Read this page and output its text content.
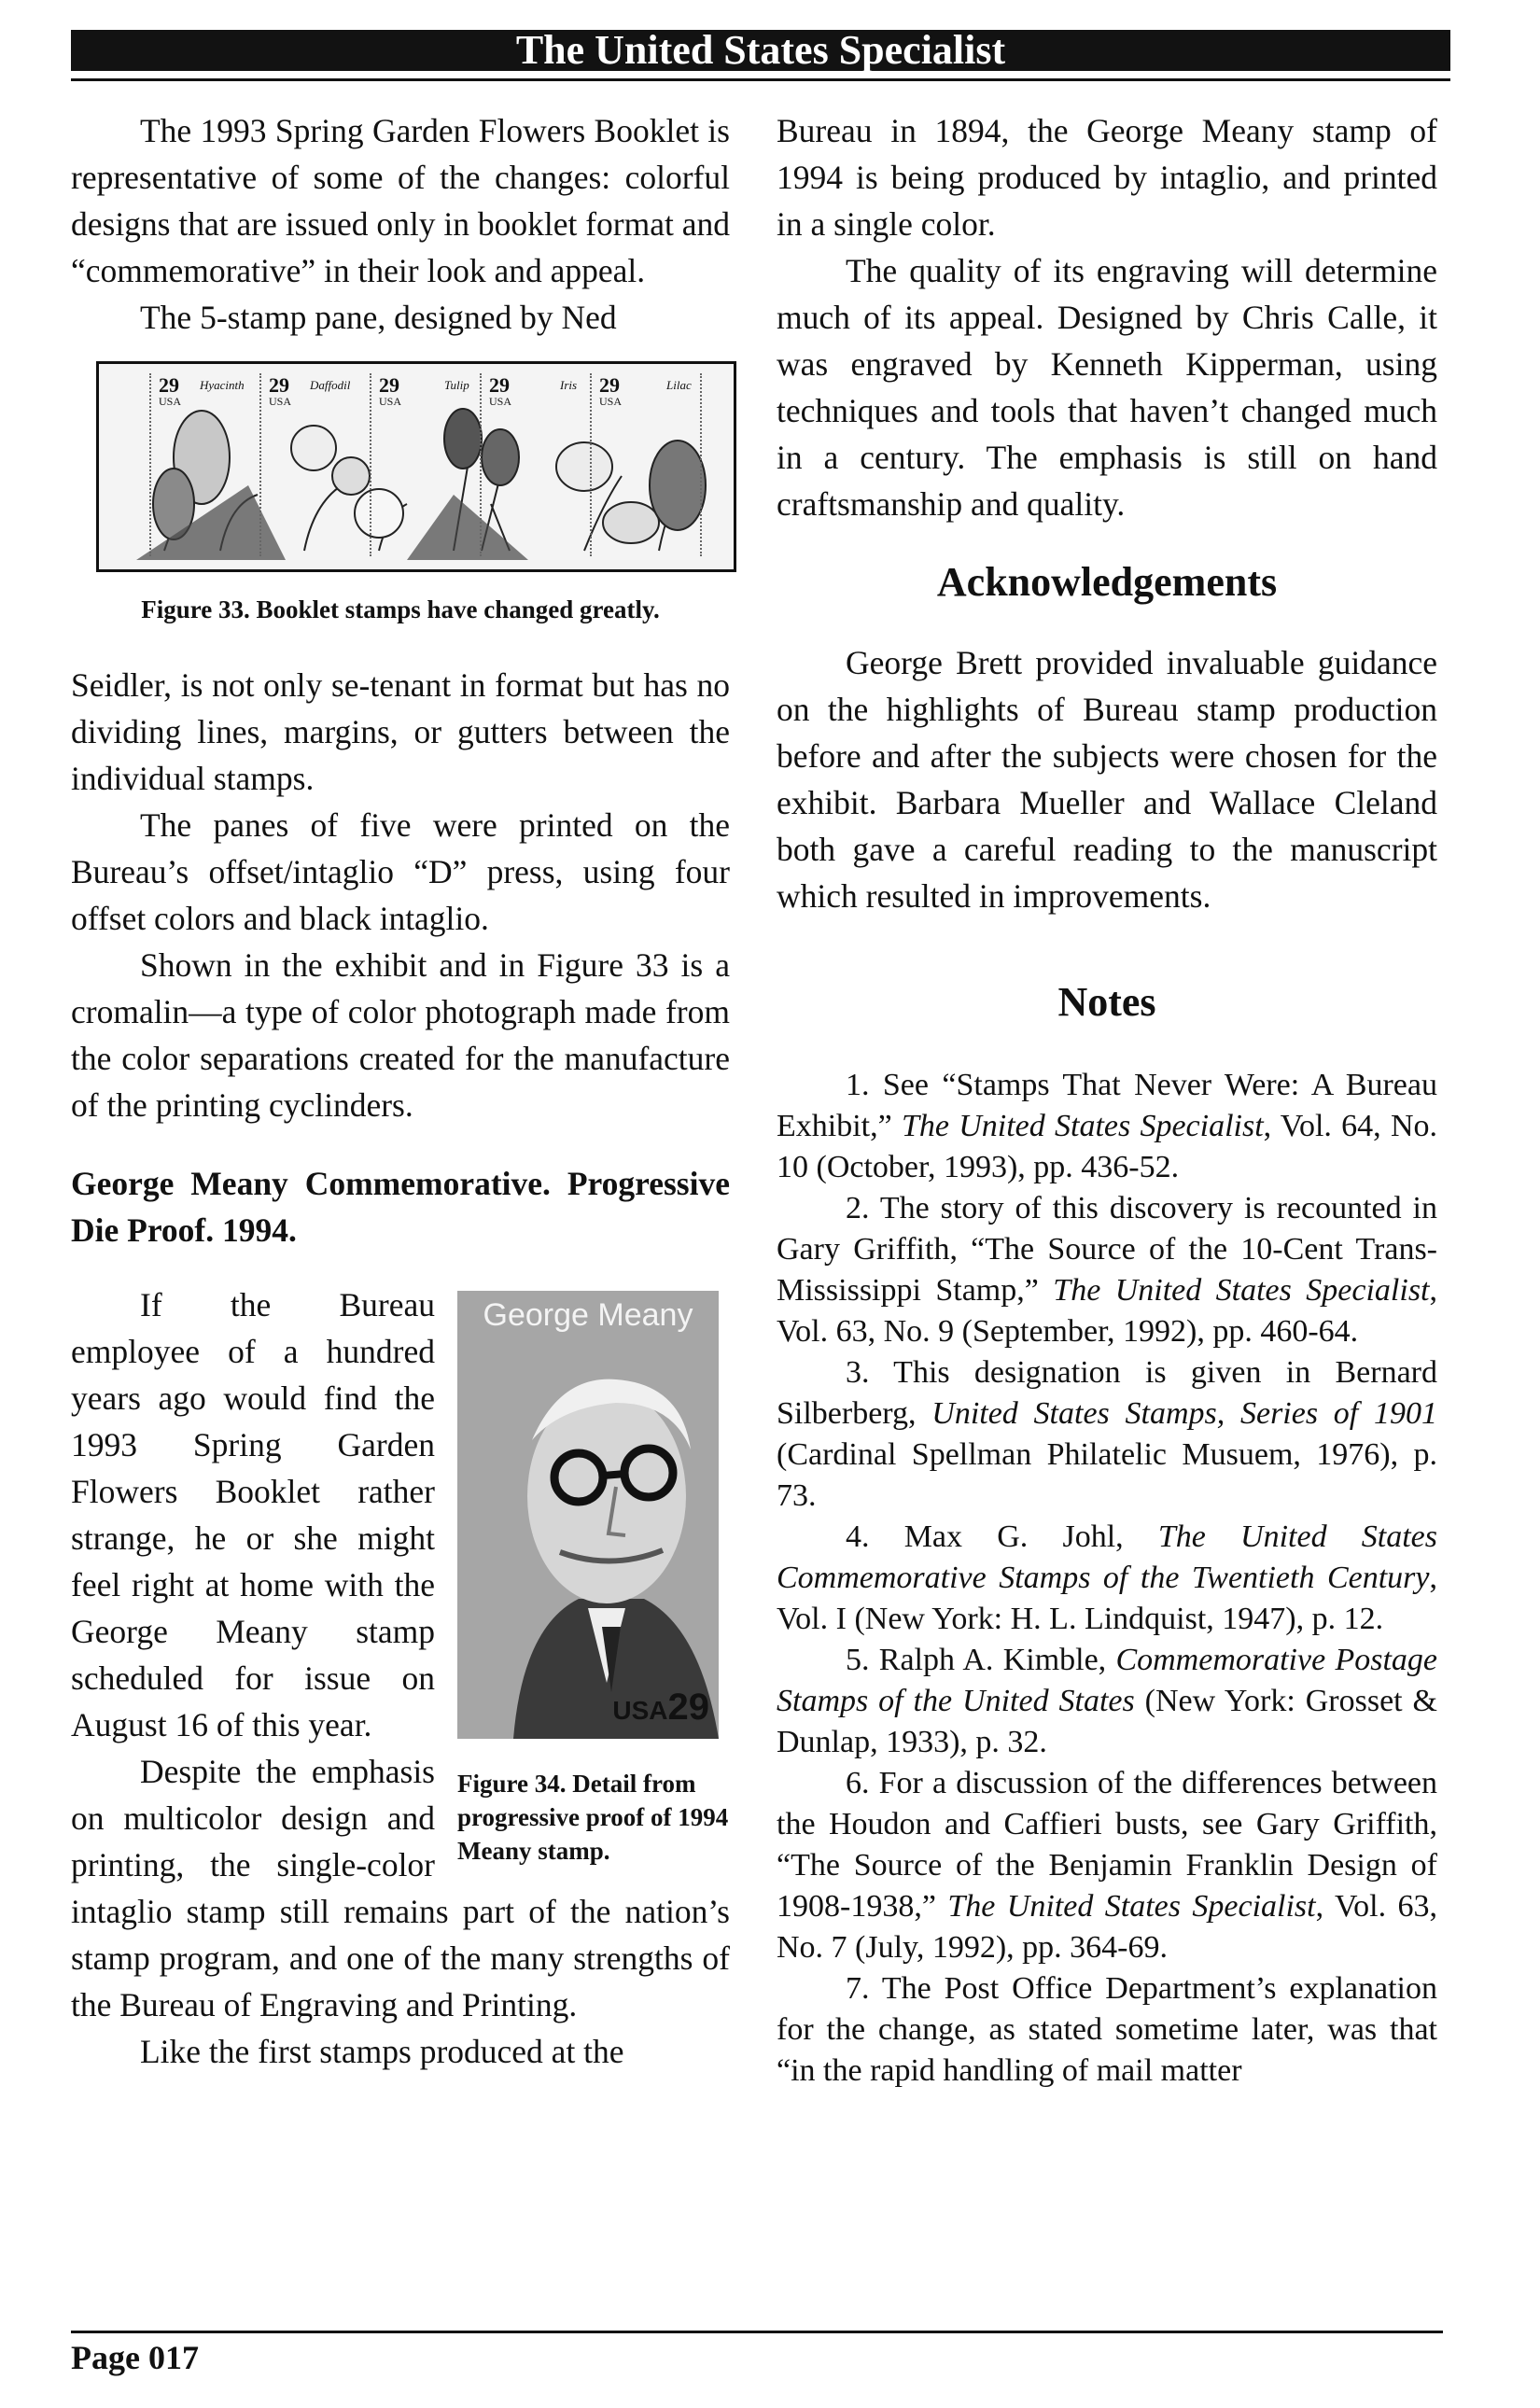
The United States Specialist

The 1993 Spring Garden Flowers Booklet is representative of some of the changes: colorful designs that are issued only in booklet format and “commemorative” in their look and appeal.

The 5-stamp pane, designed by Ned

29
USA
Hyacinth 29
USA
Daffodil 29
USA
Tulip 29
USA
Iris 29
USA
Lilac
Figure 33. Booklet stamps have changed greatly.

Seidler, is not only se-tenant in format but has no dividing lines, margins, or gutters between the individual stamps.

The panes of five were printed on the Bureau’s offset/intaglio “D” press, using four offset colors and black intaglio.

Shown in the exhibit and in Figure 33 is a cromalin—a type of color photograph made from the color separations created for the manufacture of the printing cyclinders.

George Meany Commemorative. Progressive Die Proof. 1994.

George Meany
USA29
Figure 34. Detail from progressive proof of 1994 Meany stamp.

If the Bureau employee of a hundred years ago would find the 1993 Spring Garden Flowers Booklet rather strange, he or she might feel right at home with the George Meany stamp scheduled for issue on August 16 of this year.

Despite the emphasis on multicolor design and printing, the single-color intaglio stamp still remains part of the nation’s stamp program, and one of the many strengths of the Bureau of Engraving and Printing.

Like the first stamps produced at the

Bureau in 1894, the George Meany stamp of 1994 is being produced by intaglio, and printed in a single color.

The quality of its engraving will determine much of its appeal. Designed by Chris Calle, it was engraved by Kenneth Kipperman, using techniques and tools that haven’t changed much in a century. The emphasis is still on hand craftsmanship and quality.

Acknowledgements

George Brett provided invaluable guidance on the highlights of Bureau stamp production before and after the subjects were chosen for the exhibit. Barbara Mueller and Wallace Cleland both gave a careful reading to the manuscript which resulted in improvements.

Notes

1. See “Stamps That Never Were: A Bureau Exhibit,” The United States Specialist, Vol. 64, No. 10 (October, 1993), pp. 436-52.

2. The story of this discovery is recounted in Gary Griffith, “The Source of the 10-Cent Trans-Mississippi Stamp,” The United States Specialist, Vol. 63, No. 9 (September, 1992), pp. 460-64.

3. This designation is given in Bernard Silberberg, United States Stamps, Series of 1901 (Cardinal Spellman Philatelic Musuem, 1976), p. 73.

4. Max G. Johl, The United States Commemorative Stamps of the Twentieth Century, Vol. I (New York: H. L. Lindquist, 1947), p. 12.

5. Ralph A. Kimble, Commemorative Postage Stamps of the United States (New York: Grosset & Dunlap, 1933), p. 32.

6. For a discussion of the differences between the Houdon and Caffieri busts, see Gary Griffith, “The Source of the Benjamin Franklin Design of 1908-1938,” The United States Specialist, Vol. 63, No. 7 (July, 1992), pp. 364-69.

7. The Post Office Department’s explanation for the change, as stated sometime later, was that “in the rapid handling of mail matter

Page 017
